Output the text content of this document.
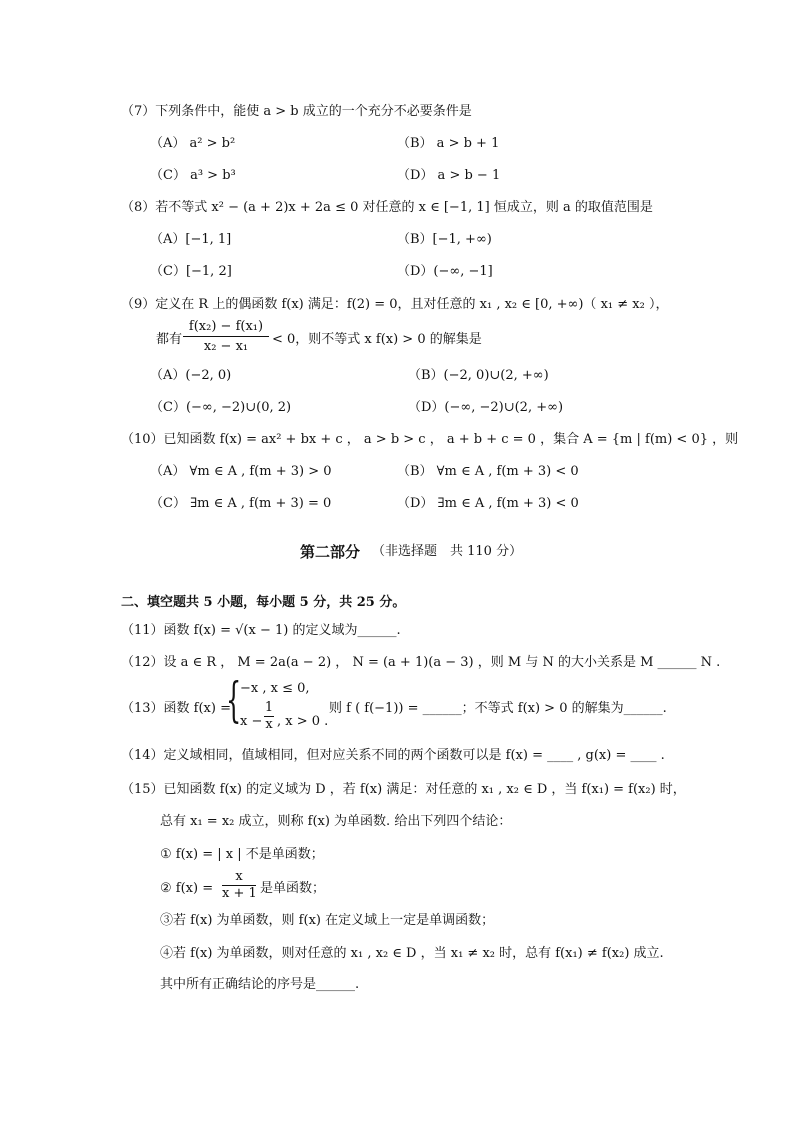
（7）下列条件中，能使 a > b 成立的一个充分不必要条件是
（A） a² > b²	（B） a > b + 1
（C） a³ > b³	（D） a > b − 1
（8）若不等式 x² − (a + 2)x + 2a ≤ 0 对任意的 x ∈ [−1, 1] 恒成立，则 a 的取值范围是
（A）[−1, 1]	（B）[−1, +∞)
（C）[−1, 2]	（D）(−∞, −1]
（9）定义在 R 上的偶函数 f(x) 满足：f(2) = 0，且对任意的 x₁ , x₂ ∈ [0, +∞)（ x₁ ≠ x₂ ），
都有
f(x₂) − f(x₁)
x₂ − x₁	< 0，则不等式 x f(x) > 0 的解集是
（A）(−2, 0)	（B）(−2, 0)∪(2, +∞)
（C）(−∞, −2)∪(0, 2)	（D）(−∞, −2)∪(2, +∞)
（10）已知函数 f(x) = ax² + bx + c ， a > b > c ， a + b + c = 0 ，集合 A = {m | f(m) < 0} ，则
（A） ∀m ∈ A , f(m + 3) > 0	（B） ∀m ∈ A , f(m + 3) < 0
（C） ∃m ∈ A , f(m + 3) = 0	（D） ∃m ∈ A , f(m + 3) < 0
第二部分 （非选择题　共 110 分）
二、填空题共 5 小题，每小题 5 分，共 25 分。
（11）函数 f(x) = √(x − 1) 的定义域为______.
（12）设 a ∈ R ， M = 2a(a − 2) ， N = (a + 1)(a − 3) ，则 M 与 N 的大小关系是 M ______ N .
（13）函数 f(x) =
{
−x , x ≤ 0,
x −
1
x , x > 0 .
则 f ( f(−1)) = ______；不等式 f(x) > 0 的解集为______.
（14）定义域相同，值域相同，但对应关系不同的两个函数可以是 f(x) = ____ , g(x) = ____ .
（15）已知函数 f(x) 的定义域为 D ，若 f(x) 满足：对任意的 x₁ , x₂ ∈ D ，当 f(x₁) = f(x₂) 时，
总有 x₁ = x₂ 成立，则称 f(x) 为单函数. 给出下列四个结论：
① f(x) = | x | 不是单函数；
② f(x) =
x
x + 1 是单函数；
③若 f(x) 为单函数，则 f(x) 在定义域上一定是单调函数；
④若 f(x) 为单函数，则对任意的 x₁ , x₂ ∈ D ，当 x₁ ≠ x₂ 时，总有 f(x₁) ≠ f(x₂) 成立.
其中所有正确结论的序号是______.
